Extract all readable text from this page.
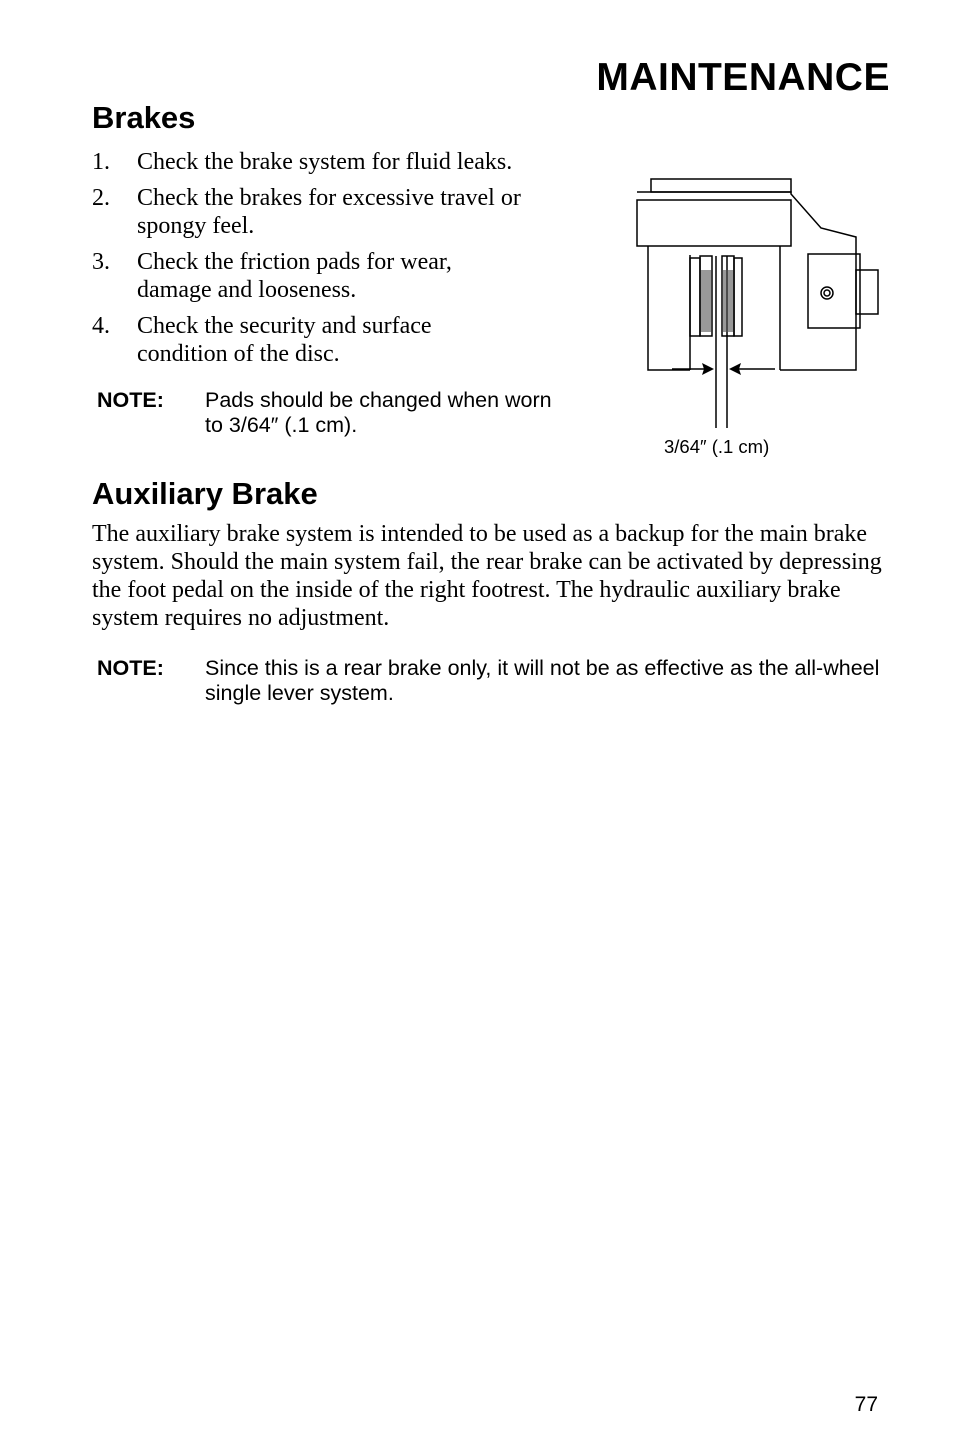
MAINTENANCE
Brakes
1. Check the brake system for fluid leaks.
2. Check the brakes for excessive travel or spongy feel.
3. Check the friction pads for wear, damage and looseness.
4. Check the security and surface condition of the disc.
NOTE: Pads should be changed when worn to 3/64″ (.1 cm).
3/64″ (.1 cm)
Auxiliary Brake
The auxiliary brake system is intended to be used as a backup for the main brake system. Should the main system fail, the rear brake can be activated by depressing the foot pedal on the inside of the right footrest. The hydraulic auxiliary brake system requires no adjustment.
NOTE: Since this is a rear brake only, it will not be as effective as the all-wheel single lever system.
77
